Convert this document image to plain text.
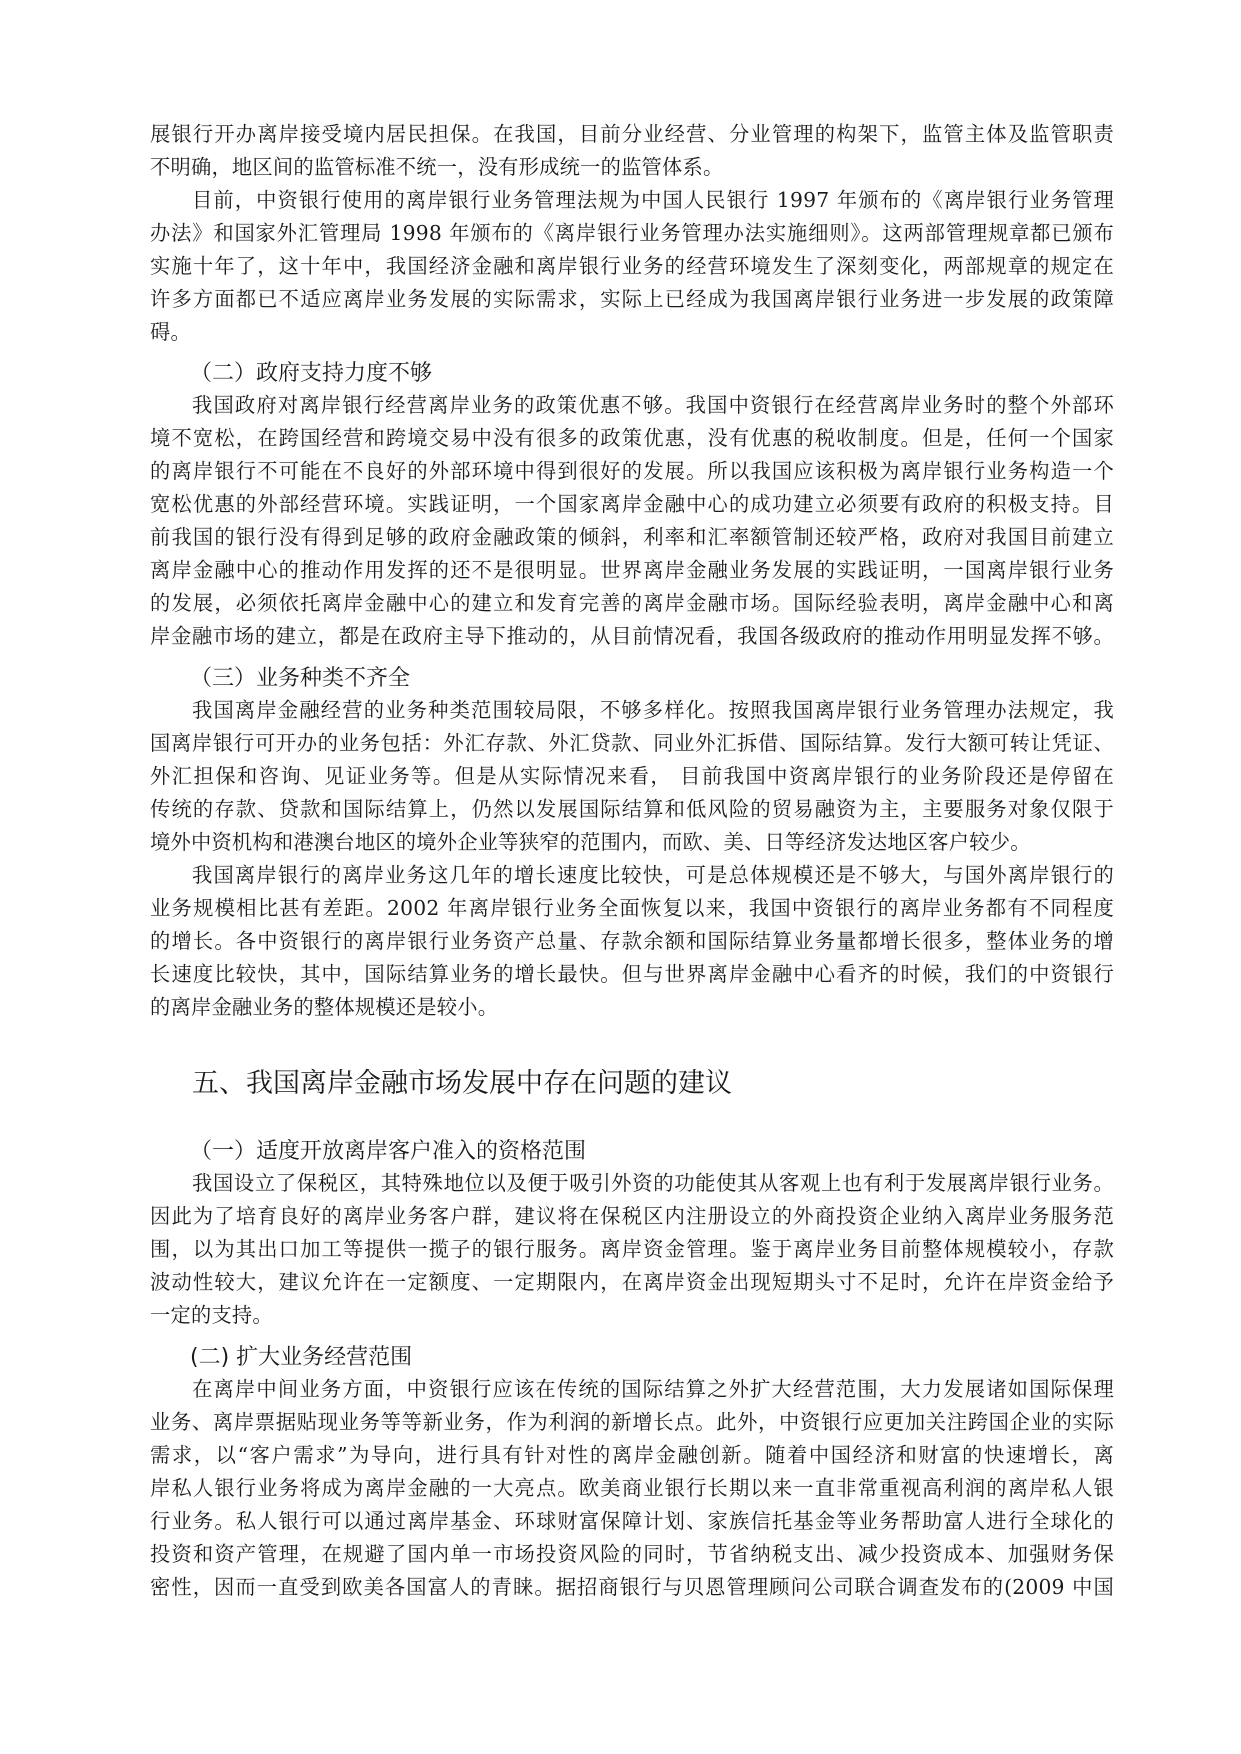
展银行开办离岸接受境内居民担保。在我国，目前分业经营、分业管理的构架下，监管主体及监管职责
不明确，地区间的监管标准不统一，没有形成统一的监管体系。
目前，中资银行使用的离岸银行业务管理法规为中国人民银行 1997 年颁布的《离岸银行业务管理
办法》和国家外汇管理局 1998 年颁布的《离岸银行业务管理办法实施细则》。这两部管理规章都已颁布
实施十年了，这十年中，我国经济金融和离岸银行业务的经营环境发生了深刻变化，两部规章的规定在
许多方面都已不适应离岸业务发展的实际需求，实际上已经成为我国离岸银行业务进一步发展的政策障
碍。
（二）政府支持力度不够
我国政府对离岸银行经营离岸业务的政策优惠不够。我国中资银行在经营离岸业务时的整个外部环
境不宽松，在跨国经营和跨境交易中没有很多的政策优惠，没有优惠的税收制度。但是，任何一个国家
的离岸银行不可能在不良好的外部环境中得到很好的发展。所以我国应该积极为离岸银行业务构造一个
宽松优惠的外部经营环境。实践证明，一个国家离岸金融中心的成功建立必须要有政府的积极支持。目
前我国的银行没有得到足够的政府金融政策的倾斜，利率和汇率额管制还较严格，政府对我国目前建立
离岸金融中心的推动作用发挥的还不是很明显。世界离岸金融业务发展的实践证明，一国离岸银行业务
的发展，必须依托离岸金融中心的建立和发育完善的离岸金融市场。国际经验表明，离岸金融中心和离
岸金融市场的建立，都是在政府主导下推动的，从目前情况看，我国各级政府的推动作用明显发挥不够。
（三）业务种类不齐全
我国离岸金融经营的业务种类范围较局限，不够多样化。按照我国离岸银行业务管理办法规定，我
国离岸银行可开办的业务包括：外汇存款、外汇贷款、同业外汇拆借、国际结算。发行大额可转让凭证、
外汇担保和咨询、见证业务等。但是从实际情况来看， 目前我国中资离岸银行的业务阶段还是停留在
传统的存款、贷款和国际结算上，仍然以发展国际结算和低风险的贸易融资为主，主要服务对象仅限于
境外中资机构和港澳台地区的境外企业等狭窄的范围内，而欧、美、日等经济发达地区客户较少。
我国离岸银行的离岸业务这几年的增长速度比较快，可是总体规模还是不够大，与国外离岸银行的
业务规模相比甚有差距。2002 年离岸银行业务全面恢复以来，我国中资银行的离岸业务都有不同程度
的增长。各中资银行的离岸银行业务资产总量、存款余额和国际结算业务量都增长很多，整体业务的增
长速度比较快，其中，国际结算业务的增长最快。但与世界离岸金融中心看齐的时候，我们的中资银行
的离岸金融业务的整体规模还是较小。
五、我国离岸金融市场发展中存在问题的建议
（一）适度开放离岸客户准入的资格范围
我国设立了保税区，其特殊地位以及便于吸引外资的功能使其从客观上也有利于发展离岸银行业务。
因此为了培育良好的离岸业务客户群，建议将在保税区内注册设立的外商投资企业纳入离岸业务服务范
围，以为其出口加工等提供一揽子的银行服务。离岸资金管理。鉴于离岸业务目前整体规模较小，存款
波动性较大，建议允许在一定额度、一定期限内，在离岸资金出现短期头寸不足时，允许在岸资金给予
一定的支持。
(二) 扩大业务经营范围
在离岸中间业务方面，中资银行应该在传统的国际结算之外扩大经营范围，大力发展诸如国际保理
业务、离岸票据贴现业务等等新业务，作为利润的新增长点。此外，中资银行应更加关注跨国企业的实际
需求，以“客户需求”为导向，进行具有针对性的离岸金融创新。随着中国经济和财富的快速增长，离
岸私人银行业务将成为离岸金融的一大亮点。欧美商业银行长期以来一直非常重视高利润的离岸私人银
行业务。私人银行可以通过离岸基金、环球财富保障计划、家族信托基金等业务帮助富人进行全球化的
投资和资产管理，在规避了国内单一市场投资风险的同时，节省纳税支出、减少投资成本、加强财务保
密性，因而一直受到欧美各国富人的青睐。据招商银行与贝恩管理顾问公司联合调查发布的(2009 中国
